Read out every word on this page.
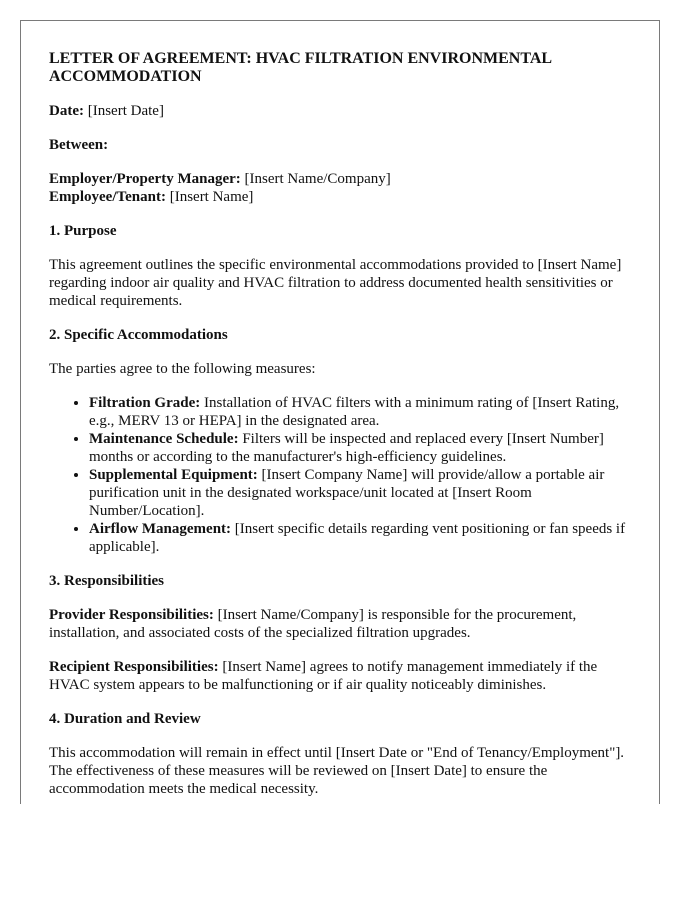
LETTER OF AGREEMENT: HVAC FILTRATION ENVIRONMENTAL ACCOMMODATION

Date: [Insert Date]

Between:

Employer/Property Manager: [Insert Name/Company]

Employee/Tenant: [Insert Name]

1. Purpose

This agreement outlines the specific environmental accommodations provided to [Insert Name] regarding indoor air quality and HVAC filtration to address documented health sensitivities or medical requirements.

2. Specific Accommodations

The parties agree to the following measures:

• Filtration Grade: Installation of HVAC filters with a minimum rating of [Insert Rating, e.g., MERV 13 or HEPA] in the designated area.
• Maintenance Schedule: Filters will be inspected and replaced every [Insert Number] months or according to the manufacturer's high-efficiency guidelines.
• Supplemental Equipment: [Insert Company Name] will provide/allow a portable air purification unit in the designated workspace/unit located at [Insert Room Number/Location].
• Airflow Management: [Insert specific details regarding vent positioning or fan speeds if applicable].
3. Responsibilities

Provider Responsibilities: [Insert Name/Company] is responsible for the procurement, installation, and associated costs of the specialized filtration upgrades.

Recipient Responsibilities: [Insert Name] agrees to notify management immediately if the HVAC system appears to be malfunctioning or if air quality noticeably diminishes.

4. Duration and Review

This accommodation will remain in effect until [Insert Date or "End of Tenancy/Employment"]. The effectiveness of these measures will be reviewed on [Insert Date] to ensure the accommodation meets the medical necessity.
